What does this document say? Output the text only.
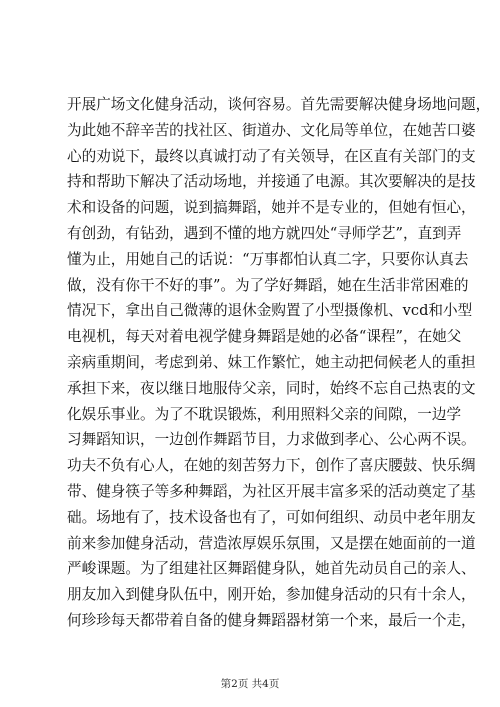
开展广场文化健身活动，谈何容易。首先需要解决健身场地问题，
为此她不辞辛苦的找社区、街道办、文化局等单位，在她苦口婆
心的劝说下，最终以真诚打动了有关领导，在区直有关部门的支
持和帮助下解决了活动场地，并接通了电源。其次要解决的是技
术和设备的问题，说到搞舞蹈，她并不是专业的，但她有恒心，
有创劲，有钻劲，遇到不懂的地方就四处“寻师学艺”，直到弄
懂为止，用她自己的话说：“万事都怕认真二字，只要你认真去
做，没有你干不好的事”。为了学好舞蹈，她在生活非常困难的
情况下，拿出自己微薄的退休金购置了小型摄像机、vcd和小型
电视机，每天对着电视学健身舞蹈是她的必备“课程”，在她父
亲病重期间，考虑到弟、妹工作繁忙，她主动把伺候老人的重担
承担下来，夜以继日地服侍父亲，同时，始终不忘自己热衷的文
化娱乐事业。为了不耽误锻炼，利用照料父亲的间隙，一边学
习舞蹈知识，一边创作舞蹈节目，力求做到孝心、公心两不误。
功夫不负有心人，在她的刻苦努力下，创作了喜庆腰鼓、快乐绸
带、健身筷子等多种舞蹈，为社区开展丰富多采的活动奠定了基
础。场地有了，技术设备也有了，可如何组织、动员中老年朋友
前来参加健身活动，营造浓厚娱乐氛围，又是摆在她面前的一道
严峻课题。为了组建社区舞蹈健身队，她首先动员自己的亲人、
朋友加入到健身队伍中，刚开始，参加健身活动的只有十余人，
何珍珍每天都带着自备的健身舞蹈器材第一个来，最后一个走，
第2页 共4页
